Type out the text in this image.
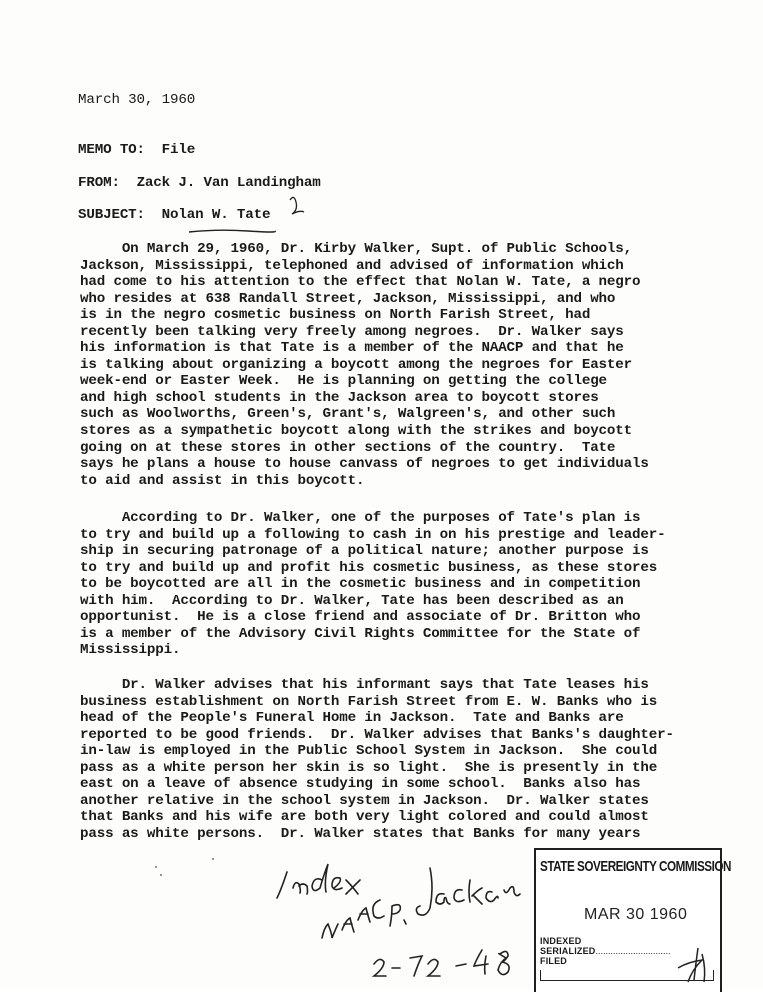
March 30, 1960
MEMO TO: File
FROM: Zack J. Van Landingham
SUBJECT: Nolan W. Tate
On March 29, 1960, Dr. Kirby Walker, Supt. of Public Schools,
Jackson, Mississippi, telephoned and advised of information which
had come to his attention to the effect that Nolan W. Tate, a negro
who resides at 638 Randall Street, Jackson, Mississippi, and who
is in the negro cosmetic business on North Farish Street, had
recently been talking very freely among negroes.  Dr. Walker says
his information is that Tate is a member of the NAACP and that he
is talking about organizing a boycott among the negroes for Easter
week-end or Easter Week.  He is planning on getting the college
and high school students in the Jackson area to boycott stores
such as Woolworths, Green's, Grant's, Walgreen's, and other such
stores as a sympathetic boycott along with the strikes and boycott
going on at these stores in other sections of the country.  Tate
says he plans a house to house canvass of negroes to get individuals
to aid and assist in this boycott.
According to Dr. Walker, one of the purposes of Tate's plan is
to try and build up a following to cash in on his prestige and leader-
ship in securing patronage of a political nature; another purpose is
to try and build up and profit his cosmetic business, as these stores
to be boycotted are all in the cosmetic business and in competition
with him.  According to Dr. Walker, Tate has been described as an
opportunist.  He is a close friend and associate of Dr. Britton who
is a member of the Advisory Civil Rights Committee for the State of
Mississippi.
Dr. Walker advises that his informant says that Tate leases his
business establishment on North Farish Street from E. W. Banks who is
head of the People's Funeral Home in Jackson.  Tate and Banks are
reported to be good friends.  Dr. Walker advises that Banks's daughter-
in-law is employed in the Public School System in Jackson.  She could
pass as a white person her skin is so light.  She is presently in the
east on a leave of absence studying in some school.  Banks also has
another relative in the school system in Jackson.  Dr. Walker states
that Banks and his wife are both very light colored and could almost
pass as white persons.  Dr. Walker states that Banks for many years
STATE SOVEREIGNTY COMMISSION
MAR 30 1960
INDEXED
SERIALIZED..............................
FILED
